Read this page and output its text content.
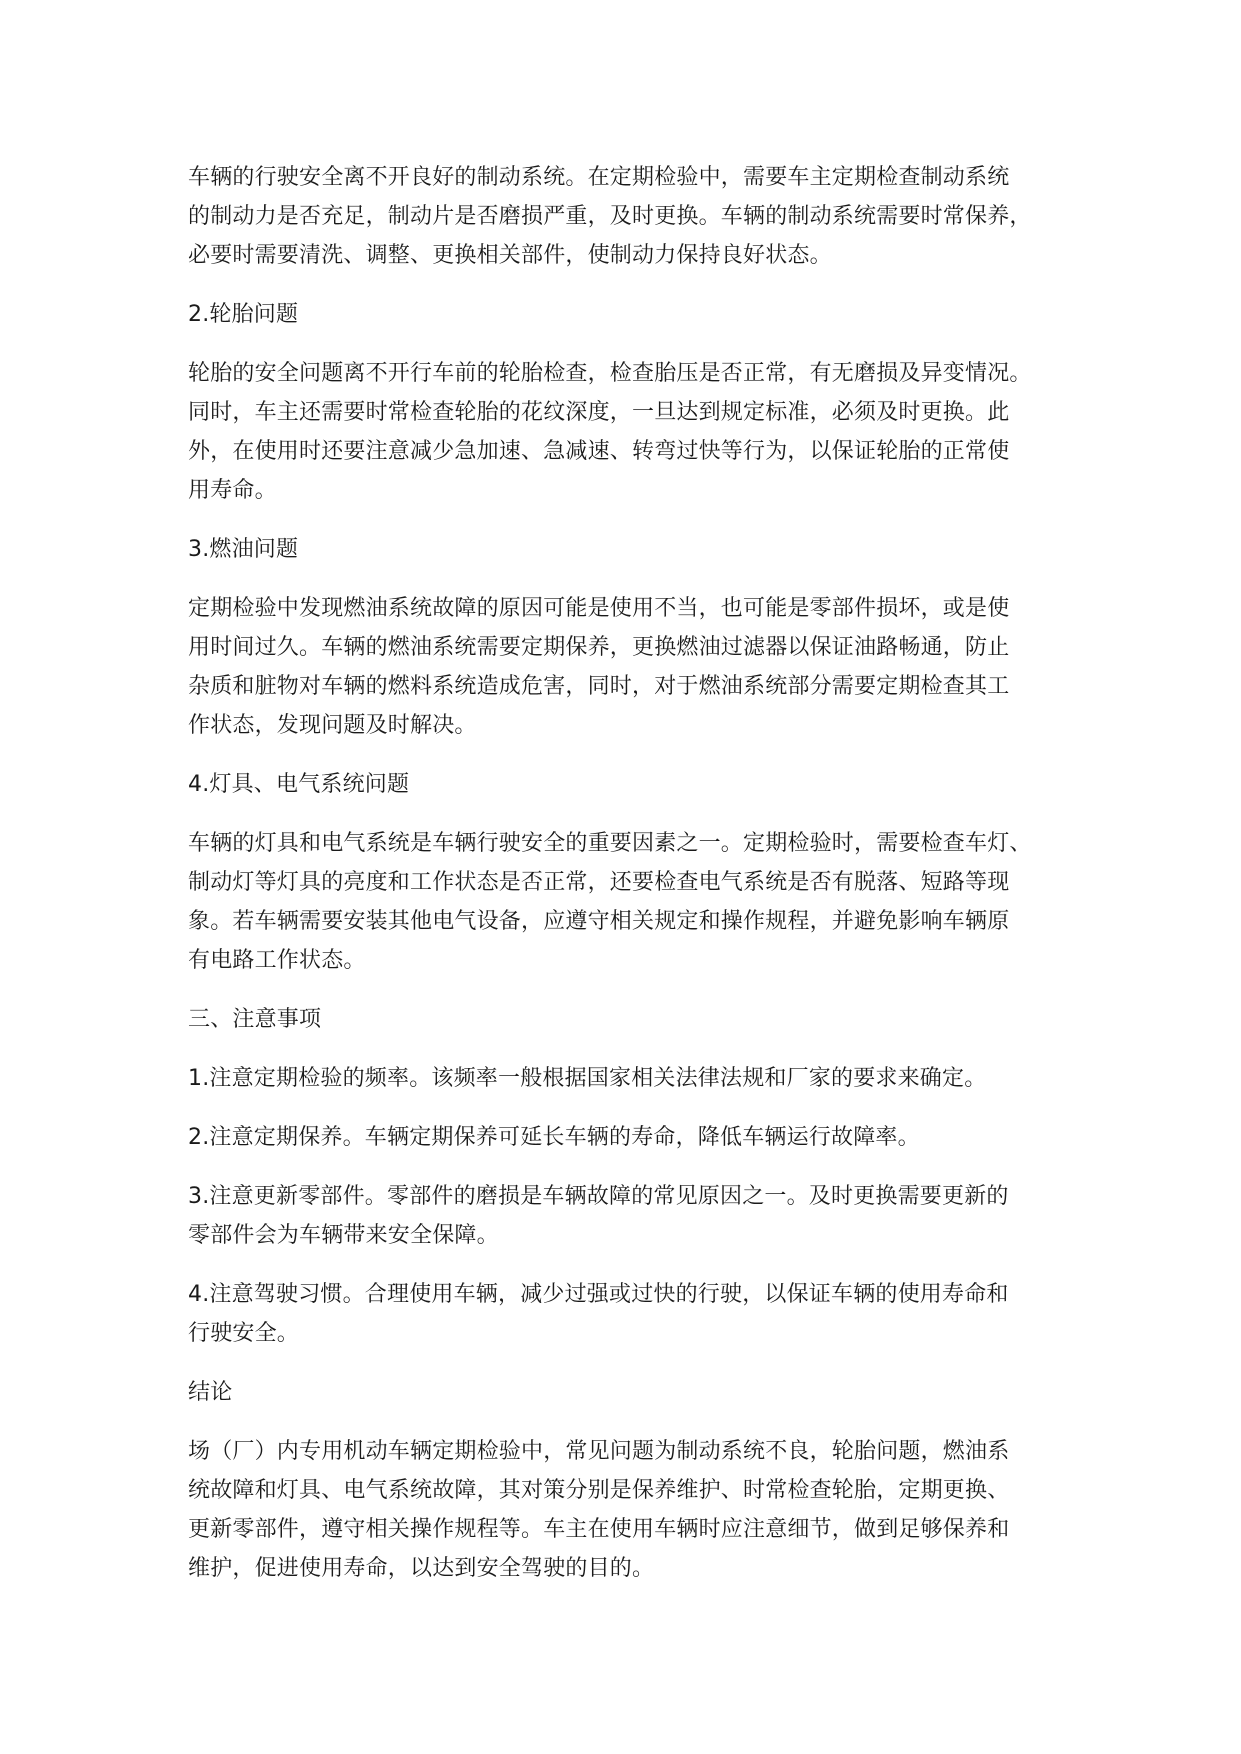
车辆的行驶安全离不开良好的制动系统。在定期检验中，需要车主定期检查制动系统
的制动力是否充足，制动片是否磨损严重，及时更换。车辆的制动系统需要时常保养，
必要时需要清洗、调整、更换相关部件，使制动力保持良好状态。
2.轮胎问题
轮胎的安全问题离不开行车前的轮胎检查，检查胎压是否正常，有无磨损及异变情况。
同时，车主还需要时常检查轮胎的花纹深度，一旦达到规定标准，必须及时更换。此
外，在使用时还要注意减少急加速、急减速、转弯过快等行为，以保证轮胎的正常使
用寿命。
3.燃油问题
定期检验中发现燃油系统故障的原因可能是使用不当，也可能是零部件损坏，或是使
用时间过久。车辆的燃油系统需要定期保养，更换燃油过滤器以保证油路畅通，防止
杂质和脏物对车辆的燃料系统造成危害，同时，对于燃油系统部分需要定期检查其工
作状态，发现问题及时解决。
4.灯具、电气系统问题
车辆的灯具和电气系统是车辆行驶安全的重要因素之一。定期检验时，需要检查车灯、
制动灯等灯具的亮度和工作状态是否正常，还要检查电气系统是否有脱落、短路等现
象。若车辆需要安装其他电气设备，应遵守相关规定和操作规程，并避免影响车辆原
有电路工作状态。
三、注意事项
1.注意定期检验的频率。该频率一般根据国家相关法律法规和厂家的要求来确定。
2.注意定期保养。车辆定期保养可延长车辆的寿命，降低车辆运行故障率。
3.注意更新零部件。零部件的磨损是车辆故障的常见原因之一。及时更换需要更新的
零部件会为车辆带来安全保障。
4.注意驾驶习惯。合理使用车辆，减少过强或过快的行驶，以保证车辆的使用寿命和
行驶安全。
结论
场（厂）内专用机动车辆定期检验中，常见问题为制动系统不良，轮胎问题，燃油系
统故障和灯具、电气系统故障，其对策分别是保养维护、时常检查轮胎，定期更换、
更新零部件，遵守相关操作规程等。车主在使用车辆时应注意细节，做到足够保养和
维护，促进使用寿命，以达到安全驾驶的目的。
